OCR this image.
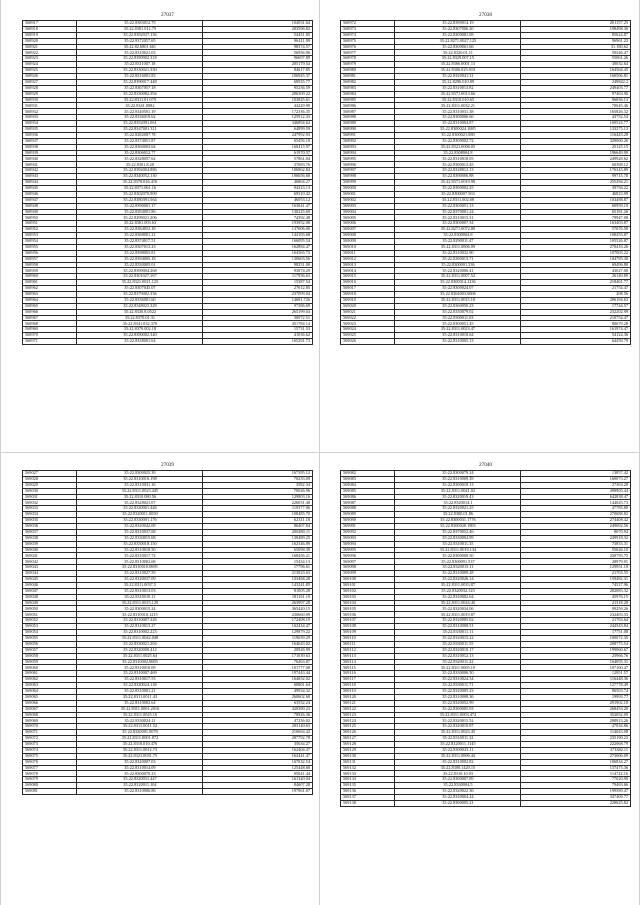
27037
568917	35:22.8383012.79	104031.64
568918	35:22.8381.012.79	283596.82
568919	35:22.8392037.136	54451.85
568920	35:22.9372057.65	96411.99
568921	35:22.82.6801.661	98374.57
568922	35:22.8310021.03	56956.96
568923	35:22.8390902.318	96697.89
568924	35:22.8311007.18	205179.54
568925	35:22.8330021.330	84617.85
568926	35:22.8316001.83	106945.37
568927	35:22.8390017.448	68935.77
568928	35:22.8367057.18	95236.59
568929	35:22.8330082.394	286309.22
568930	35:22.8311.01.079	103845.61
568931	35:22.8341.0082	44229.98
568932	35:22.8340501.19	172336.35
568933	35:22.8336019.62	125912.43
568934	35:22.8352091.061	346894.62
568935	35:22.8347001.311	64899.59
568936	35:22.8282007.78	247992.93
568937	35:22.8374051.87	65456.18
568938	35:22.8360003.64	160415.97
568939	35:22.8306012.77	61970.37
568940	35:22.8328057.62	57861.04
568941	35:22.8301.8.28	37083.76
568942	35:22.8392004.886	106862.84
568943	35:22.8340052.130	196656.68
568944	35:22.8370.016.416	46804.27
568945	35:22.8371.061.16	94323.13
568946	35:22.8302070.909	69310.42
568947	35:22.8380391.564	46053.12
568948	35:22.8390001.17	163041.47
568949	35:22.8394001.86	130225.69
568950	35:22.8299021.206	74392.48
568951	35:22.8301.003.63	193952.08
568952	35:22.8384052.18	137606.00
568953	35:22.8368001.21	144193.68
568954	35:22.8374017.51	166095.54
568955	35:22.8307013.23	162884.47
568956	35:22.8398003.81	164365.73
568957	35:22.8394005.18	130603.56
568958	35:22.8330005.01	98251.00
568959	35:22.8390004.268	93874.29
568960	35:22.8301027.167	117956.63
568961	35:22.8321.0021.125	15387.54
568962	35:22.8307045.07	27612.85
568963	35:22.8379002.336	237099.04
568964	35:22.8336001.60	14681.726
568965	35:22.8348023.329	97386.69
568966	35:22.8330.8.0522	265199.04
568967	35:22.8370.01.31	30072.51
568968	35:22.8341.032.370	451784.14
568969	35:22.8379.002.18	15731.53
568970	35:22.8390002.340	41036.62
568971	35:22.8338001.64	165291.73
27038
568972	35:22.8399014.19	201157.25
568973	35:22.8307006.20	198498.36
568974	35:22.8300081.08	85624.87
568975	35:22.8271.0027.125	96961.23
568976	35:22.8300061.66	31.180.62
568977	35:22.8320.01.11	59346.47
568978	35:22.8329.007.15	55061.26
568979	35:22.8366.0001.13	30032.64
568980	35:22.8306.025.019	164564.45
568981	35:22.8320041.31	160506.81
568982	35:22.8296.010.89	249842.2
568983	35:22.8310013.82	249403.77
568984	35:22.8371.0013.66	97463.96
568985	35:22.8310.010.65	96836.13
568986	35:22.8311.0032.21	70045.46
568987	35:22.8310031.38	165826.32
568988	35:22.8300006.66	43752.54
568989	35:22.8310004.87	100524.77
568990	35:22.8300024.1085	133275.13
568991	35:22.8300021.080	116443.28
568992	35:22.8309002.72	329060.26
568993	35:22.8321.0006.05	25125.15
568994	35:22.8308004.8	196649.99
568995	35:22.8310018.05	249928.62
568996	35:22.8300013.45	60398.12
568997	35:22.8328012.13	176343.89
568998	35:22.8390006.88	99715.78
568999	35:22.8371.0019.98	255294.21
569000	35:22.8300002.25	39756.22
569001	35:22.8300007.563	46823.99
569002	35:22.8311.002.68	103488.87
569003	35:22.8300051.13	60959.19
569004	35:22.8370001.24	65181.20
569005	35:22.8310015.31	79947.08
569006	35:22.8300007.54	163403.87
569007	35:22.8271.0072.80	57076.50
569008	35:22.8300004.8	108455.87
569009	35:22.8290011.47	105526.87
569010	35:22.8311.0006.09	270416.26
569011	35:22.8310032.90	107003.22
569012	35:22.8390013.71	104795.30
569013	35:22.8300001.336	69496.80
569014	35:22.8320006.41	43027.00
569015	35:22.8311.0007.52	26149.89
569016	35:22.8300014.1236	218461.77
569017	35:22.8300024.07	21754.47
569018	35:22.8304003.0006	208.56
569019	35:22.8311.0015.18	206194.63
569020	35:22.8360050.23	17744.57
569021	35:22.8330079.02	232202.99
569022	35:22.8300011.03	210754.47
569023	35:22.8300051.45	80679.28
569024	35:22.8311.0023.47	161974.47
569025	35:22.8310018.64	54124.36
569026	35:22.8310005.13	64459.79
27039
569027	35:22.8300025.39	167395.12
569028	35:22.8310016.198	70233.09
569029	35:22.8310031.16	3582.34
569030	35:22.8311.0023.445	70026.96
569031	35:22.8310.080.56	129803.16
569032	35:22.8328021.07	226051.48
569033	35:22.8320001.446	119377.06
569034	35:22.8320011.0050	108485.70
569035	35:22.8330001.176	62311.18
569036	35:22.8320042.08	86407.84
569037	35:22.8310037.68	206480.11
569038	35:22.8330015.68	139489.25
569039	35:22.8350018.150	162346.89
569040	35:22.8310018.50	65098.39
569041	35:22.8310017.72	168456.21
569042	35:22.8310002.68	15434.13
569043	35:22.8310010.0695	17796.61
569044	35:22.8310027.59	213823.63
569045	35:22.8320037.09	103468.28
569046	35:22.8311.0037.5	143241.85
569047	35:22.8310013.03	81005.28
569048	35:22.8310010.11	181161.19
569049	35:22.8311.0015.129	263997.28
569050	35:22.8300015.24	365420.15
569051	35:22.8310010.1215	230660.09
569052	35:22.8310007.226	172408.19
569053	35:22.8310013.27	162434.47
569054	35:22.8310002.223	129879.22
569055	35:22.8311.0042.048	119639.29
569056	35:22.8330021.204	164643.02
569057	35:22.8320000.412	20926.99
569058	35:22.8311.0025.64	171039.63
569059	35:22.8310002.0695	76463.87
569060	35:22.8310010.09	101777.08
569061	35:22.8310007.469	197443.44
569062	35:22.8310017.53	164652.02
569063	35:22.8320024.138	60801.64
569064	35:22.8310001.21	49934.32
569065	35:22.8311.0011.43	260602.68
569066	35:22.8310002.64	63552.24
569067	35:22.8311.0001.2016	420390.23
569068	35:22.8311.0025.16	70826.36
569069	35:22.8330024.11	47256.02
569070	35:22.8311.0011.52	283140.63
569071	35:22.8320001.0078	210664.42
569072	35:22.8311.0001.872	287792.78
569073	35:22.8310.010.476	35634.27
569074	35:22.8311.0012.73	162404.47
569075	35:22.8321.0031.75	162441.47
569076	35:22.8320007.03	167632.54
569077	35:22.8310014.09	125448.68
569078	35:22.8300070.23	95041.44
569079	35:22.8320031.447	161340.04
569080	35:22.8320011.104	84607.28
569081	35:22.8310006.86	197961.07
27040
569082	35:22.8300079.24	13857.42
569083	35:22.8310009.39	160073.27
569084	35:22.8300018.13	27363.28
569085	35:22.8311.0041.02	498905.44
569086	35:22.8320019.43	642838.47
569087	35:22.8320014.1	144025.73
569088	35:22.8320021.25	47785.80
569089	35:22.8300.01.86	270688.82
569090	35:22.8300031.1776	274408.42
569091	35:22.8300028.1965	249692.56
569092	35:22.8370052.46	8670.94
569093	35:22.8330004.99	249918.32
569094	35:22.8310011.35	73853.31
569095	35:22.8311.0019.134	55626.10
569096	35:22.8300008.50	258795.75
569097	35:22.8300091.537	28979.91
569098	35:22.8320015.11	129951.18
569099	35:22.8310009.28	21703.55
569100	35:22.8320026.14	159482.31
569101	35:22.8311.0033.87	74527.96
569102	35:22.8320032.123	282083.32
569103	35:22.8320002.64	45976.15
569104	35:22.8311.0024.40	21318.20
569105	35:22.8320034.06	99259.26
569106	35:22.8311.0019.87	232403.33
569107	35:22.8320005.02	21763.64
569108	35:22.8310008.51	244543.84
569109	35:22.8330011.11	17751.08
569110	35:22.8320015.22	100072.35
569111	35:22.8330011.55	208775.54
569112	35:22.8320010.17	199060.67
569113	35:22.8310012.13	25966.76
569114	35:22.8320011.22	164095.31
569115	35:22.8311.0005.19	107160.47
569116	35:22.8330006.50	12951.57
569117	35:22.8310024.34	116448.36
569118	35:22.8330011.71	127778.49
569119	35:22.8320005.23	96503.74
569120	35:22.8310008.36	19993.77
569121	35:22.8320052.99	291902.18
569122	35:22.8300005.93	268453.20
569123	35:22.8311.0003.474	352052.09
569124	35:22.8320015.52	208913.26
569125	35:22.8320010.87	47034.86
569126	35:22.8311.0023.45	114043.08
569127	35:22.8310011.32	235190.23
569128	35:22.8320011.1145	222068.79
569129	35:22.8300025.11	373382.11
569130	35:22.8311.0006.44	273006.09
569131	35:22.8310002.82	106834.27
569132	35:22.8300.1420.15	137475.36
569133	35:22.8310.10.03	114742.16
569134	35:22.8300007.89	77020.90
569135	35:22.8330004.5	79463.66
569136	35:22.8320022.36	199589.47
569137	35:22.8320004.24	347409.77
569138	35:22.8300005.21	228625.82
